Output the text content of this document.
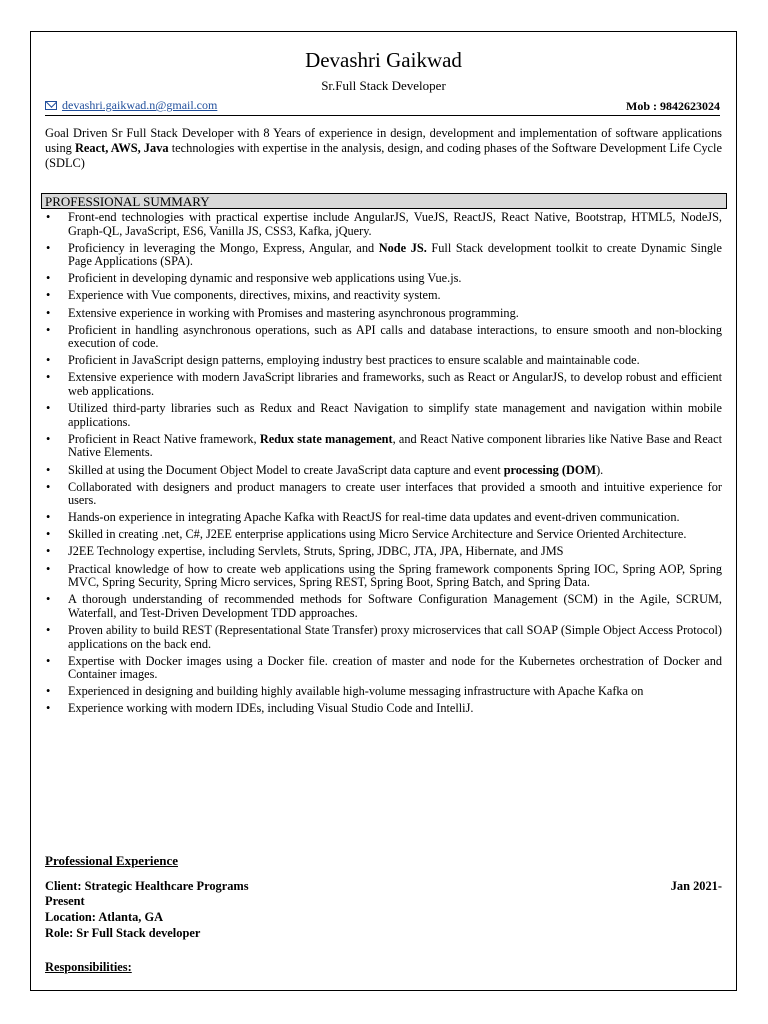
Devashri Gaikwad
Sr.Full Stack Developer
devashri.gaikwad.n@gmail.com	Mob : 9842623024
Goal Driven Sr Full Stack Developer with 8 Years of experience in design, development and implementation of software applications using React, AWS, Java technologies with expertise in the analysis, design, and coding phases of the Software Development Life Cycle (SDLC)
PROFESSIONAL SUMMARY
• Front-end technologies with practical expertise include AngularJS, VueJS, ReactJS, React Native, Bootstrap, HTML5, NodeJS, Graph-QL, JavaScript, ES6, Vanilla JS, CSS3, Kafka, jQuery.
• Proficiency in leveraging the Mongo, Express, Angular, and Node JS. Full Stack development toolkit to create Dynamic Single Page Applications (SPA).
• Proficient in developing dynamic and responsive web applications using Vue.js.
• Experience with Vue components, directives, mixins, and reactivity system.
• Extensive experience in working with Promises and mastering asynchronous programming.
• Proficient in handling asynchronous operations, such as API calls and database interactions, to ensure smooth and non-blocking execution of code.
• Proficient in JavaScript design patterns, employing industry best practices to ensure scalable and maintainable code.
• Extensive experience with modern JavaScript libraries and frameworks, such as React or AngularJS, to develop robust and efficient web applications.
• Utilized third-party libraries such as Redux and React Navigation to simplify state management and navigation within mobile applications.
• Proficient in React Native framework, Redux state management, and React Native component libraries like Native Base and React Native Elements.
• Skilled at using the Document Object Model to create JavaScript data capture and event processing (DOM).
• Collaborated with designers and product managers to create user interfaces that provided a smooth and intuitive experience for users.
• Hands-on experience in integrating Apache Kafka with ReactJS for real-time data updates and event-driven communication.
• Skilled in creating .net, C#, J2EE enterprise applications using Micro Service Architecture and Service Oriented Architecture.
• J2EE Technology expertise, including Servlets, Struts, Spring, JDBC, JTA, JPA, Hibernate, and JMS
• Practical knowledge of how to create web applications using the Spring framework components Spring IOC, Spring AOP, Spring MVC, Spring Security, Spring Micro services, Spring REST, Spring Boot, Spring Batch, and Spring Data.
• A thorough understanding of recommended methods for Software Configuration Management (SCM) in the Agile, SCRUM, Waterfall, and Test-Driven Development TDD approaches.
• Proven ability to build REST (Representational State Transfer) proxy microservices that call SOAP (Simple Object Access Protocol) applications on the back end.
• Expertise with Docker images using a Docker file. creation of master and node for the Kubernetes orchestration of Docker and Container images.
• Experienced in designing and building highly available high-volume messaging infrastructure with Apache Kafka on
• Experience working with modern IDEs, including Visual Studio Code and IntelliJ.
Professional Experience
Client: Strategic Healthcare Programs	Jan 2021-
Present
Location: Atlanta, GA
Role: Sr Full Stack developer
Responsibilities:
